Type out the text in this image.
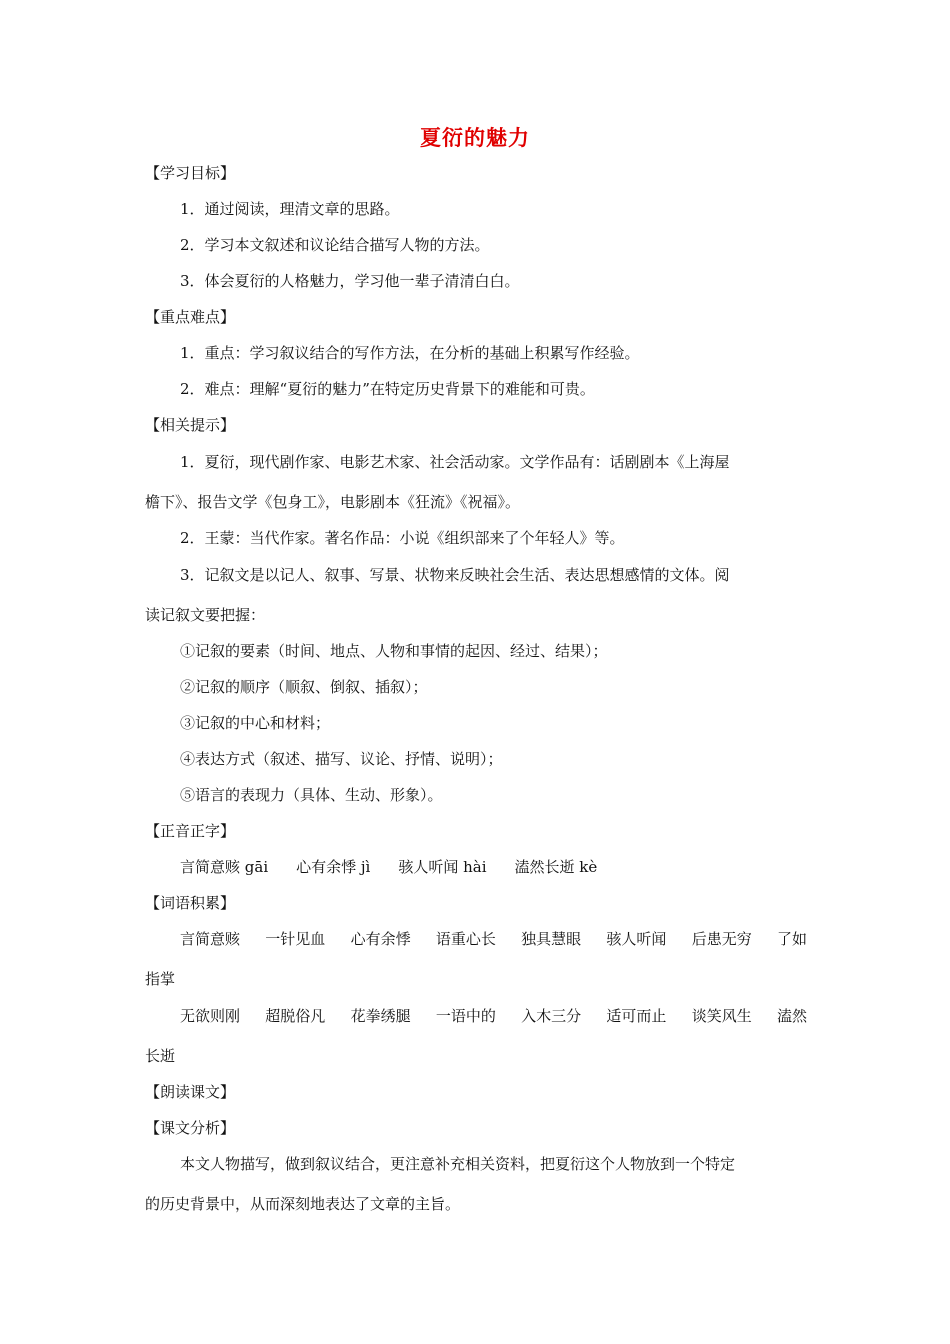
夏衍的魅力
【学习目标】
1．通过阅读，理清文章的思路。
2．学习本文叙述和议论结合描写人物的方法。
3．体会夏衍的人格魅力，学习他一辈子清清白白。
【重点难点】
1．重点：学习叙议结合的写作方法，在分析的基础上积累写作经验。
2．难点：理解“夏衍的魅力”在特定历史背景下的难能和可贵。
【相关提示】
1．夏衍，现代剧作家、电影艺术家、社会活动家。文学作品有：话剧剧本《上海屋
檐下》、报告文学《包身工》，电影剧本《狂流》《祝福》。
2．王蒙：当代作家。著名作品：小说《组织部来了个年轻人》等。
3．记叙文是以记人、叙事、写景、状物来反映社会生活、表达思想感情的文体。阅
读记叙文要把握：
①记叙的要素（时间、地点、人物和事情的起因、经过、结果）；
②记叙的顺序（顺叙、倒叙、插叙）；
③记叙的中心和材料；
④表达方式（叙述、描写、议论、抒情、说明）；
⑤语言的表现力（具体、生动、形象）。
【正音正字】
言简意赅 gāi 心有余悸 jì 骇人听闻 hài 溘然长逝 kè
【词语积累】
言简意赅 一针见血 心有余悸 语重心长 独具慧眼 骇人听闻 后患无穷 了如
指掌
无欲则刚 超脱俗凡 花拳绣腿 一语中的 入木三分 适可而止 谈笑风生 溘然
长逝
【朗读课文】
【课文分析】
本文人物描写，做到叙议结合，更注意补充相关资料，把夏衍这个人物放到一个特定
的历史背景中，从而深刻地表达了文章的主旨。
